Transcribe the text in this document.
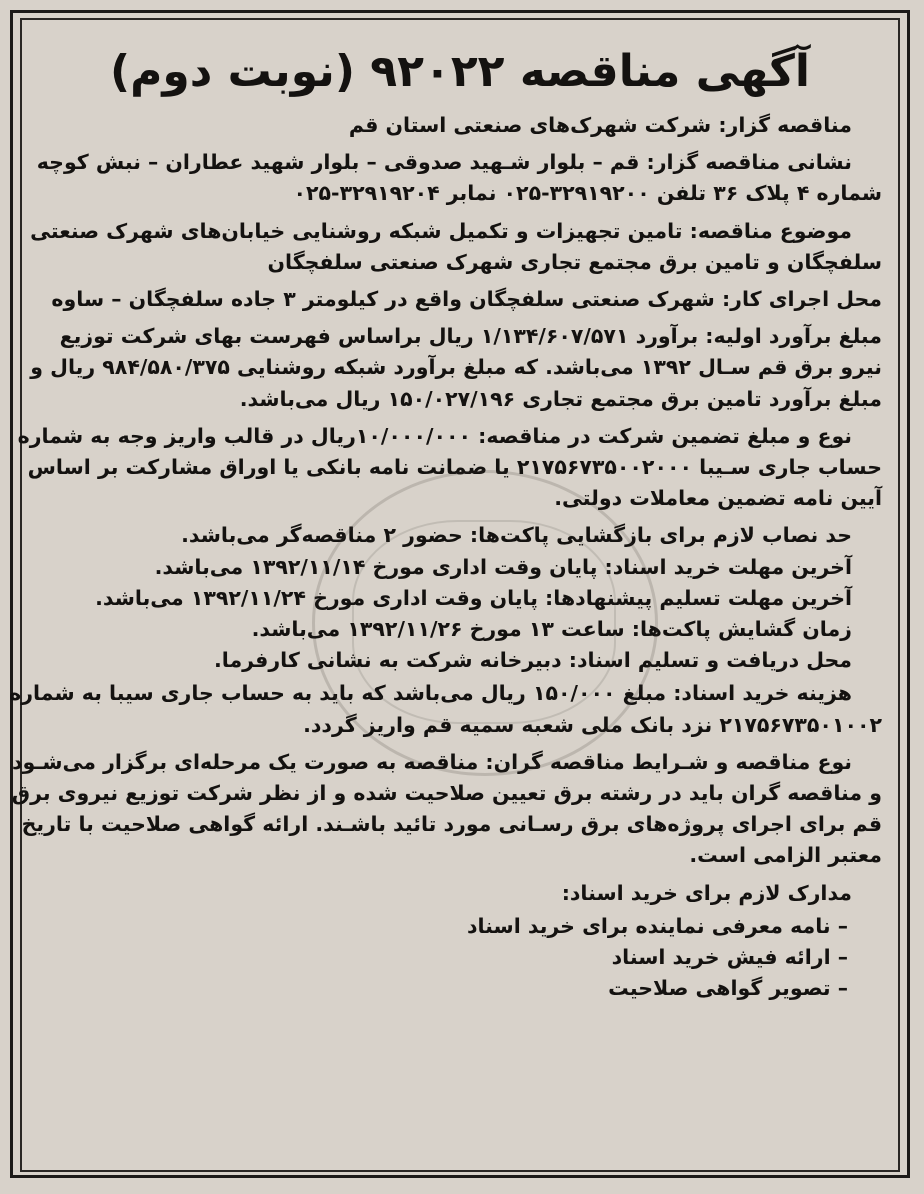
آگهی مناقصه ۹۲۰۲۲ (نوبت دوم)

مناقصه گزار: شرکت شهرک‌های صنعتی استان قم

نشانی مناقصه گزار: قم – بلوار شـهید صدوقی – بلوار شهید عطاران – نبش کوچه
شماره ۴ پلاک ۳۶ تلفن ۳۲۹۱۹۲۰۰-۰۲۵ نمابر ۳۲۹۱۹۲۰۴-۰۲۵

موضوع مناقصه: تامین تجهیزات و تکمیل شبکه روشنایی خیابان‌های شهرک صنعتی
سلفچگان و تامین برق مجتمع تجاری شهرک صنعتی سلفچگان

محل اجرای کار: شهرک صنعتی سلفچگان واقع در کیلومتر ۳ جاده سلفچگان – ساوه

مبلغ برآورد اولیه: برآورد ۱/۱۳۴/۶۰۷/۵۷۱ ریال براساس فهرست بهای شرکت توزیع
نیرو برق قم سـال ۱۳۹۲ می‌باشد. که مبلغ برآورد شبکه روشنایی ۹۸۴/۵۸۰/۳۷۵ ریال و
مبلغ برآورد تامین برق مجتمع تجاری ۱۵۰/۰۲۷/۱۹۶ ریال می‌باشد.

نوع و مبلغ تضمین شرکت در مناقصه: ۱۰/۰۰۰/۰۰۰ریال در قالب واریز وجه به شماره
حساب جاری سـیبا ۲۱۷۵۶۷۳۵۰۰۲۰۰۰ یا ضمانت نامه بانکی یا اوراق مشارکت بر اساس
آیین نامه تضمین معاملات دولتی.

حد نصاب لازم برای بازگشایی پاکت‌ها: حضور ۲ مناقصه‌گر می‌باشد.

آخرین مهلت خرید اسناد: پایان وقت اداری مورخ ۱۳۹۲/۱۱/۱۴ می‌باشد.

آخرین مهلت تسلیم پیشنهادها: پایان وقت اداری مورخ ۱۳۹۲/۱۱/۲۴ می‌باشد.

زمان گشایش پاکت‌ها: ساعت ۱۳ مورخ ۱۳۹۲/۱۱/۲۶ می‌باشد.

محل دریافت و تسلیم اسناد: دبیرخانه شرکت به نشانی کارفرما.

هزینه خرید اسناد: مبلغ ۱۵۰/۰۰۰ ریال می‌باشد که باید به حساب جاری سیبا به شماره
۲۱۷۵۶۷۳۵۰۱۰۰۲ نزد بانک ملی شعبه سمیه قم واریز گردد.

نوع مناقصه و شـرایط مناقصه گران: مناقصه به صورت یک مرحله‌ای برگزار می‌شـود
و مناقصه گران باید در رشته برق تعیین صلاحیت شده و از نظر شرکت توزیع نیروی برق
قم برای اجرای پروژه‌های برق رسـانی مورد تائید باشـند. ارائه گواهی صلاحیت با تاریخ
معتبر الزامی است.

مدارک لازم برای خرید اسناد:

– نامه معرفی نماینده برای خرید اسناد
– ارائه فیش خرید اسناد
– تصویر گواهی صلاحیت
